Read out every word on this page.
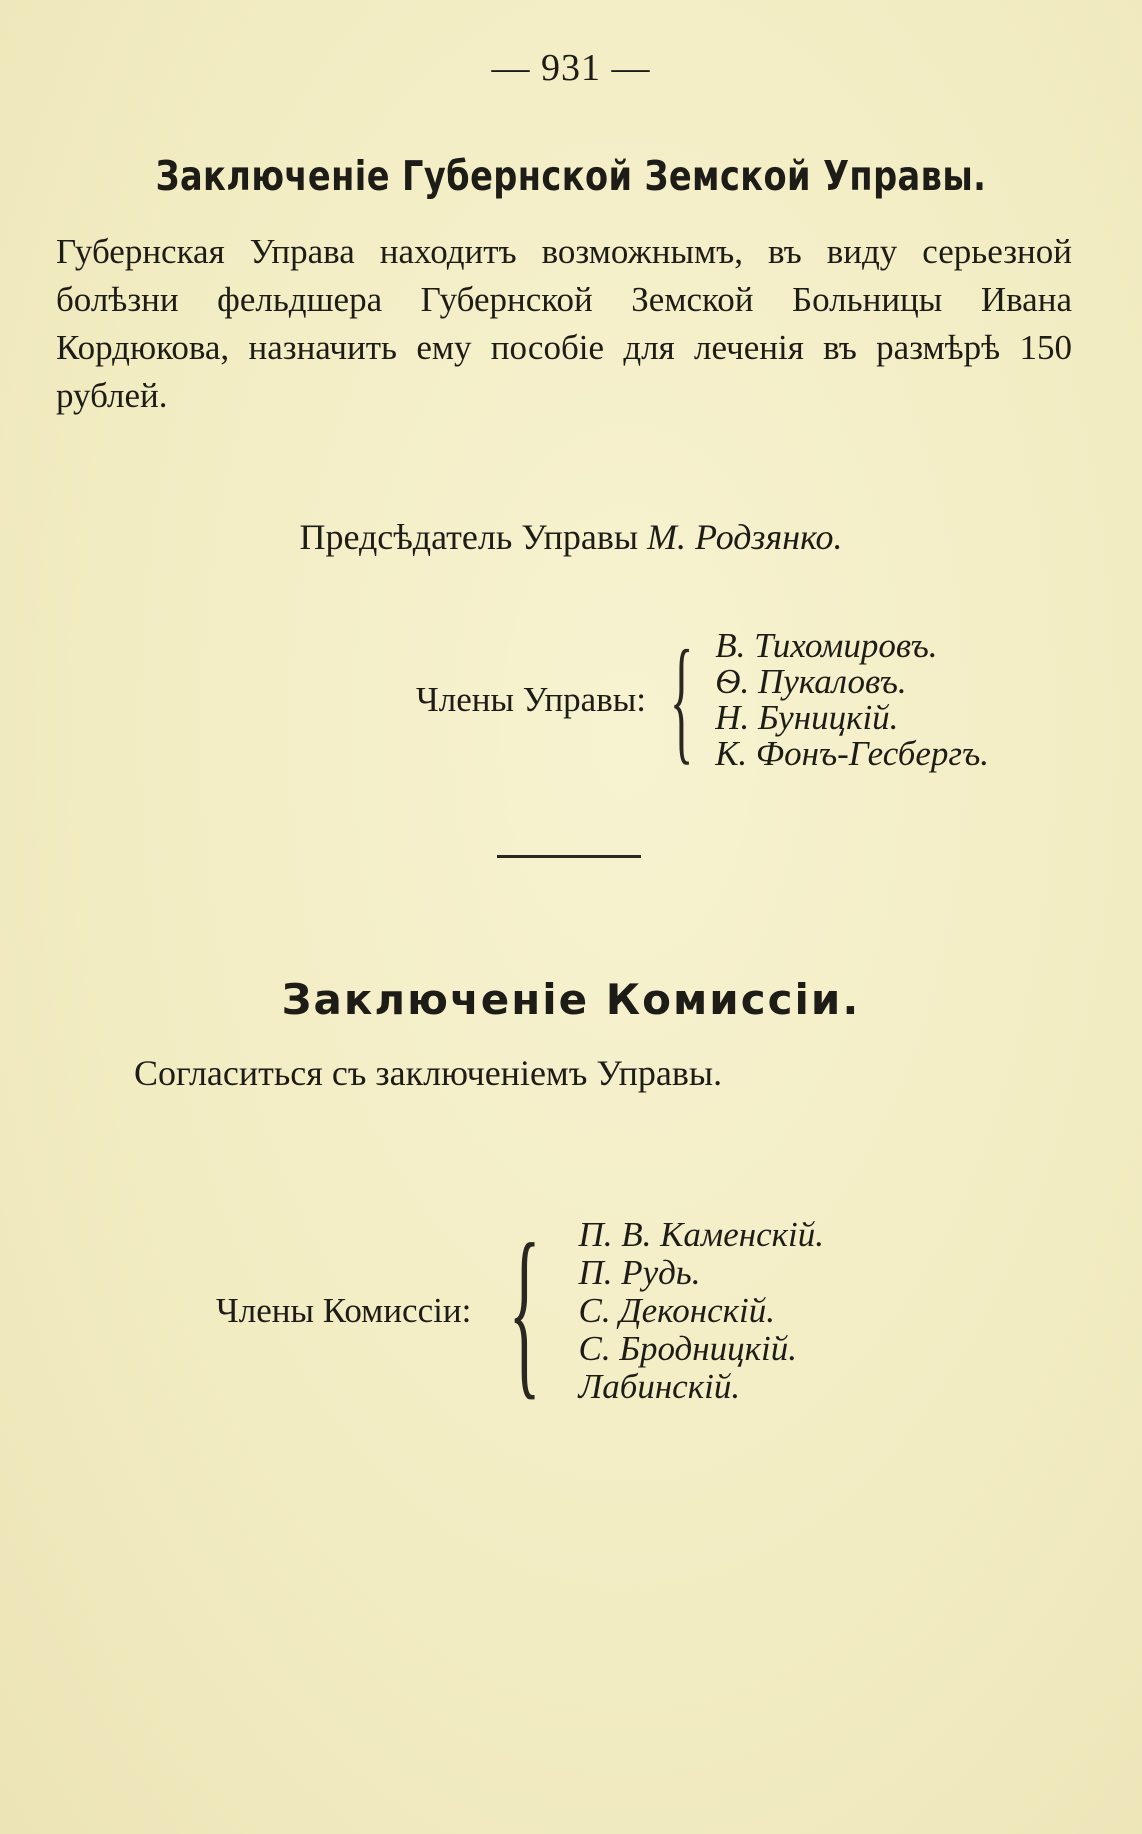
— 931 —
Заключенiе Губернской Земской Управы.

Губернская Управа находитъ возможнымъ, въ виду серьезной болѣзни фельдшера Губернской Земской Больницы Ивана Кордюкова, назначить ему пособiе для леченiя въ размѣрѣ 150 рублей.

Предсѣдатель Управы М. Родзянко.
Члены Управы: { В. Тихомировъ.
Ѳ. Пукаловъ.
Н. Буницкiй.
К. Фонъ-Гесбергъ.
Заключенiе Комиссiи.
Согласиться съ заключенiемъ Управы.
Члены Комиссiи: { П. В. Каменскiй.
П. Рудь.
С. Деконскiй.
С. Бродницкiй.
Лабинскiй.
